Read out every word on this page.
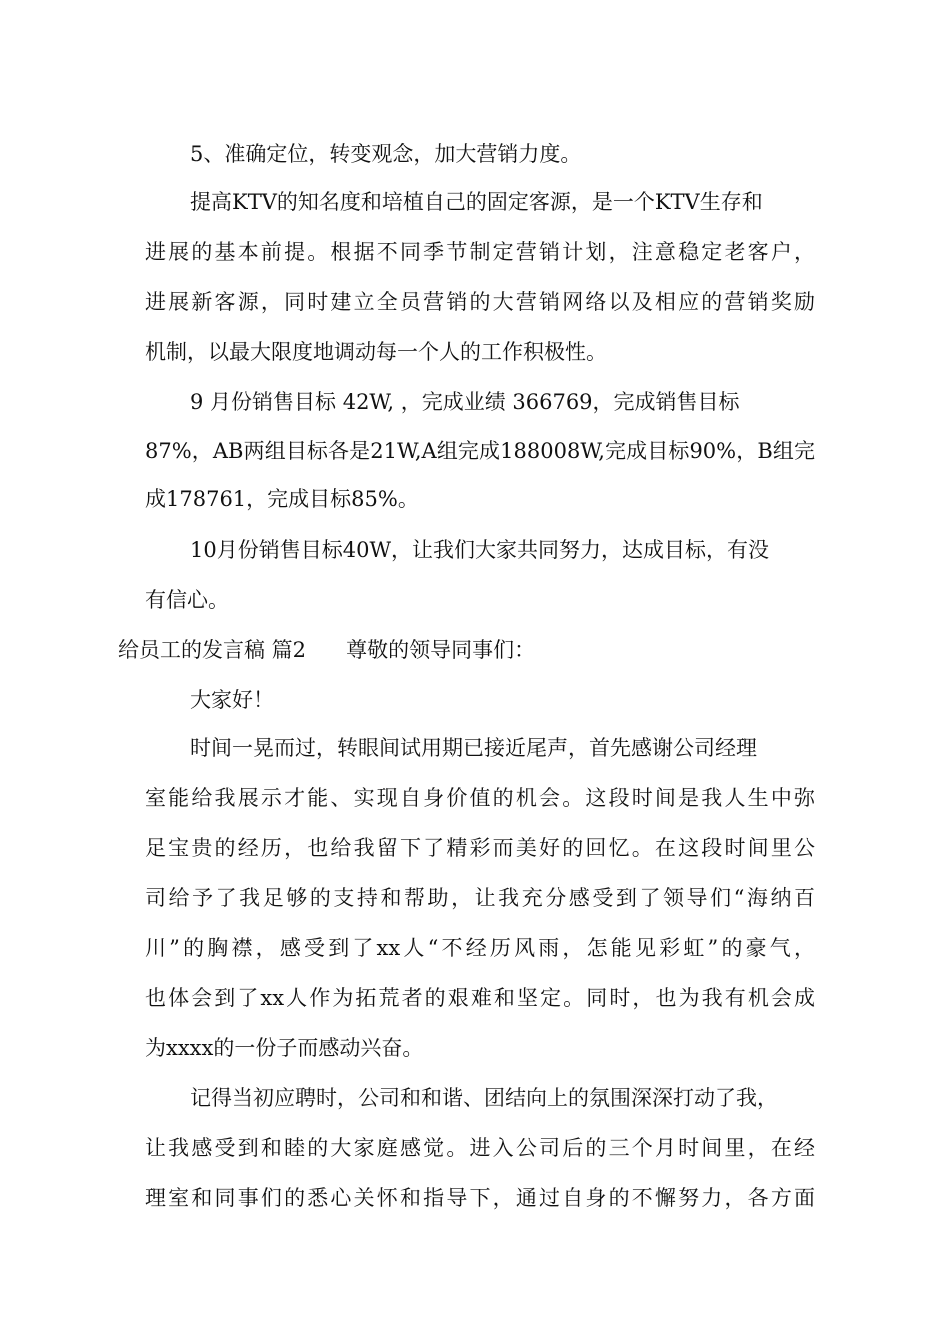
5、准确定位，转变观念，加大营销力度。
提高KTV的知名度和培植自己的固定客源，是一个KTV生存和
进展的基本前提。根据不同季节制定营销计划，注意稳定老客户，
进展新客源，同时建立全员营销的大营销网络以及相应的营销奖励
机制，以最大限度地调动每一个人的工作积极性。
9 月份销售目标 42W, ，完成业绩 366769，完成销售目标
87%，AB两组目标各是21W,A组完成188008W,完成目标90%，B组完
成178761，完成目标85%。
10月份销售目标40W，让我们大家共同努力，达成目标，有没
有信心。
给员工的发言稿 篇2      尊敬的领导同事们：
大家好！
时间一晃而过，转眼间试用期已接近尾声，首先感谢公司经理
室能给我展示才能、实现自身价值的机会。这段时间是我人生中弥
足宝贵的经历，也给我留下了精彩而美好的回忆。在这段时间里公
司给予了我足够的支持和帮助，让我充分感受到了领导们“海纳百
川”的胸襟，感受到了xx人“不经历风雨，怎能见彩虹”的豪气，
也体会到了xx人作为拓荒者的艰难和坚定。同时，也为我有机会成
为xxxx的一份子而感动兴奋。
记得当初应聘时，公司和和谐、团结向上的氛围深深打动了我，
让我感受到和睦的大家庭感觉。进入公司后的三个月时间里，在经
理室和同事们的悉心关怀和指导下，通过自身的不懈努力，各方面
